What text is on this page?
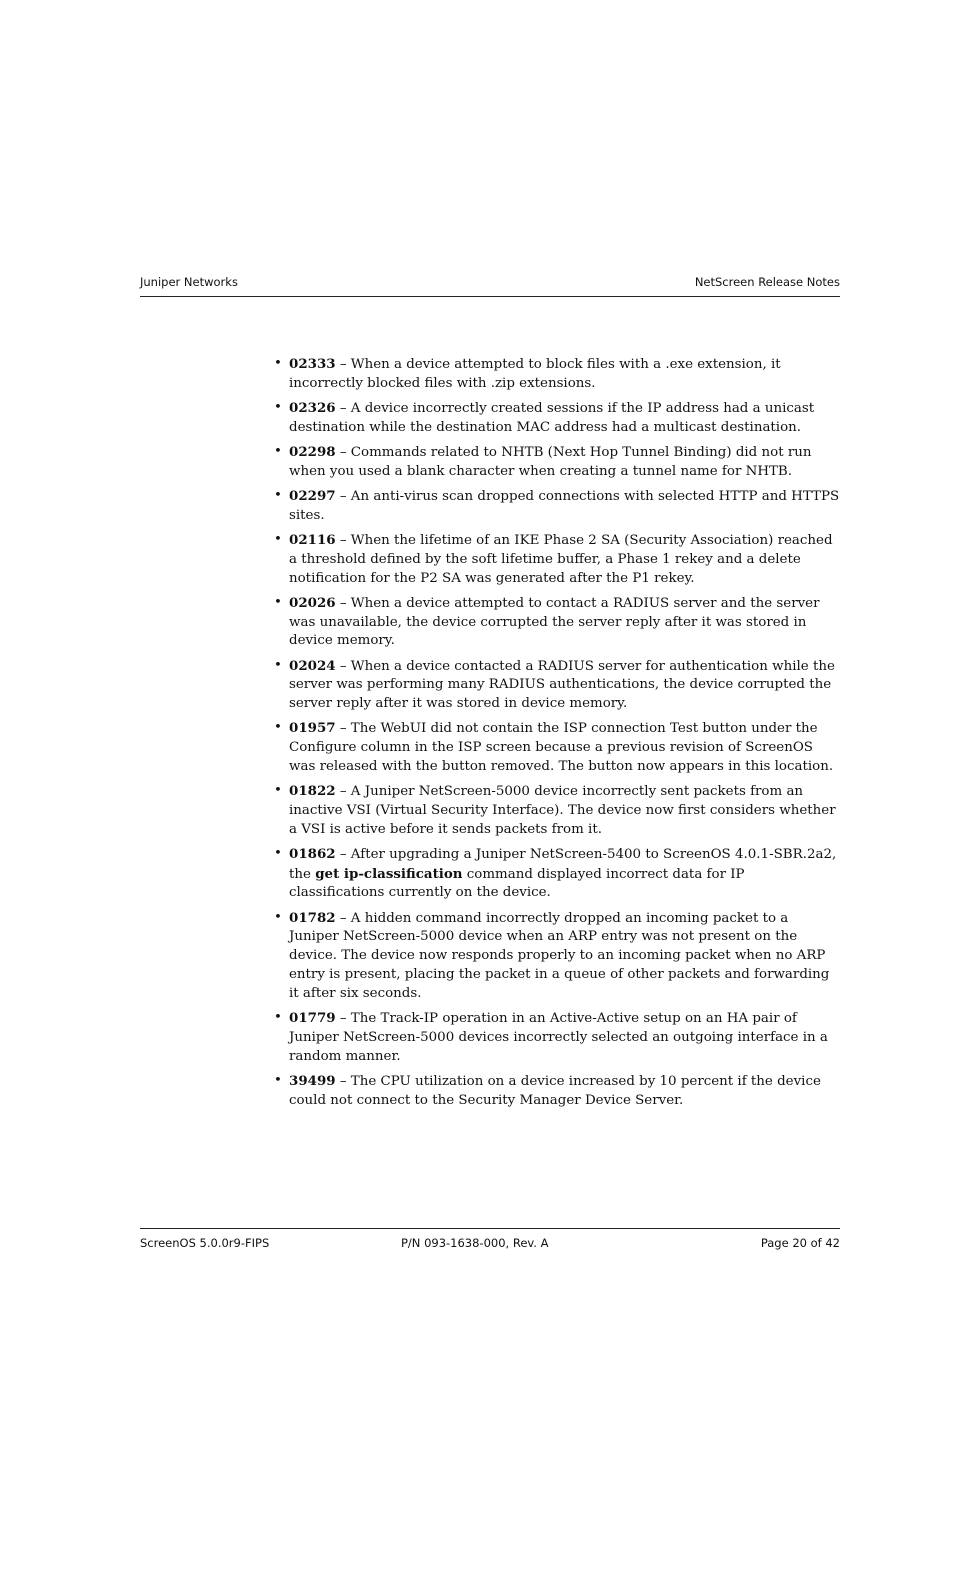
Juniper Networks	NetScreen Release Notes
• 02333 – When a device attempted to block files with a .exe extension, it incorrectly blocked files with .zip extensions.
• 02326 – A device incorrectly created sessions if the IP address had a unicast destination while the destination MAC address had a multicast destination.
• 02298 – Commands related to NHTB (Next Hop Tunnel Binding) did not run when you used a blank character when creating a tunnel name for NHTB.
• 02297 – An anti-virus scan dropped connections with selected HTTP and HTTPS sites.
• 02116 – When the lifetime of an IKE Phase 2 SA (Security Association) reached a threshold defined by the soft lifetime buffer, a Phase 1 rekey and a delete notification for the P2 SA was generated after the P1 rekey.
• 02026 – When a device attempted to contact a RADIUS server and the server was unavailable, the device corrupted the server reply after it was stored in device memory.
• 02024 – When a device contacted a RADIUS server for authentication while the server was performing many RADIUS authentications, the device corrupted the server reply after it was stored in device memory.
• 01957 – The WebUI did not contain the ISP connection Test button under the Configure column in the ISP screen because a previous revision of ScreenOS was released with the button removed. The button now appears in this location.
• 01822 – A Juniper NetScreen-5000 device incorrectly sent packets from an inactive VSI (Virtual Security Interface). The device now first considers whether a VSI is active before it sends packets from it.
• 01862 – After upgrading a Juniper NetScreen-5400 to ScreenOS 4.0.1-SBR.2a2, the get ip-classification command displayed incorrect data for IP classifications currently on the device.
• 01782 – A hidden command incorrectly dropped an incoming packet to a Juniper NetScreen-5000 device when an ARP entry was not present on the device. The device now responds properly to an incoming packet when no ARP entry is present, placing the packet in a queue of other packets and forwarding it after six seconds.
• 01779 – The Track-IP operation in an Active-Active setup on an HA pair of Juniper NetScreen-5000 devices incorrectly selected an outgoing interface in a random manner.
• 39499 – The CPU utilization on a device increased by 10 percent if the device could not connect to the Security Manager Device Server.
ScreenOS 5.0.0r9-FIPS	P/N 093-1638-000, Rev. A	Page 20 of 42
